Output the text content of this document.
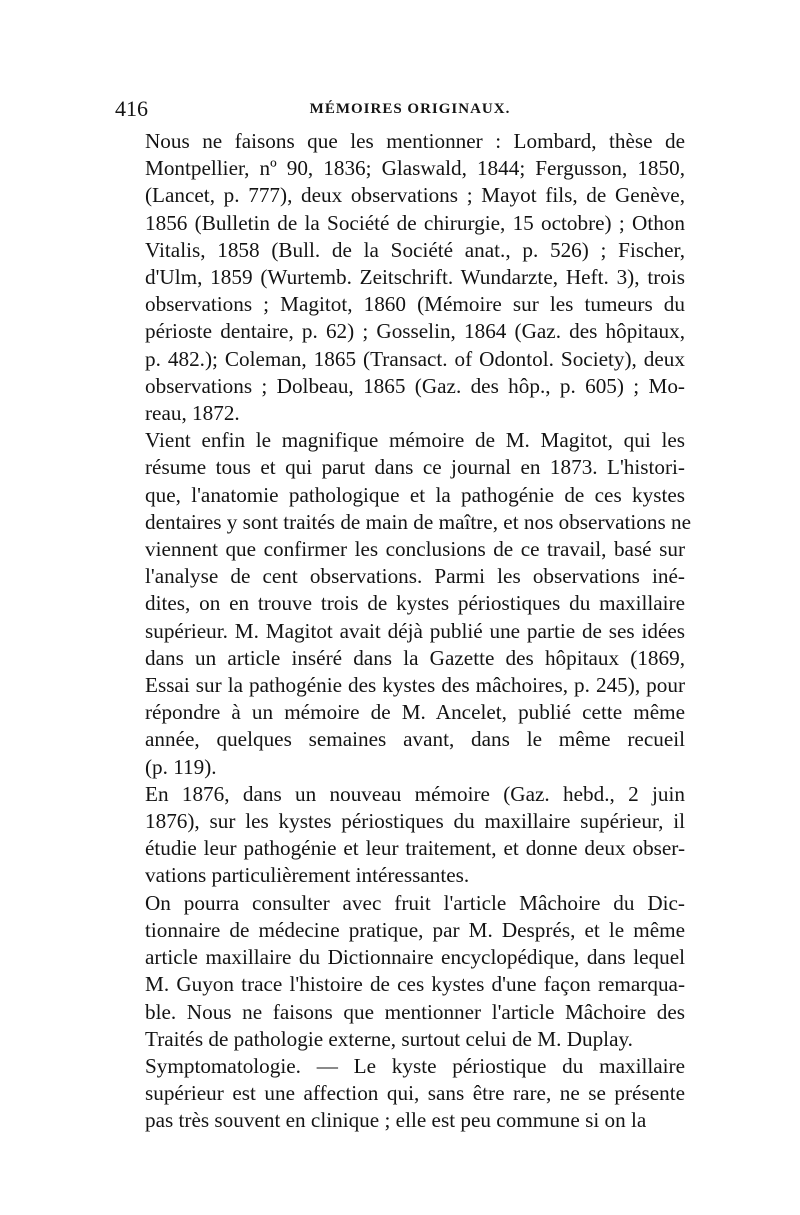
416	MÉMOIRES ORIGINAUX.

Nous ne faisons que les mentionner : Lombard, thèse de
Montpellier, nº 90, 1836; Glaswald, 1844; Fergusson, 1850,
(Lancet, p. 777), deux observations ; Mayot fils, de Genève,
1856 (Bulletin de la Société de chirurgie, 15 octobre) ; Othon
Vitalis, 1858 (Bull. de la Société anat., p. 526) ; Fischer,
d'Ulm, 1859 (Wurtemb. Zeitschrift. Wundarzte, Heft. 3), trois
observations ; Magitot, 1860 (Mémoire sur les tumeurs du
périoste dentaire, p. 62) ; Gosselin, 1864 (Gaz. des hôpitaux,
p. 482.); Coleman, 1865 (Transact. of Odontol. Society), deux
observations ; Dolbeau, 1865 (Gaz. des hôp., p. 605) ; Mo-
reau, 1872.

Vient enfin le magnifique mémoire de M. Magitot, qui les
résume tous et qui parut dans ce journal en 1873. L'histori-
que, l'anatomie pathologique et la pathogénie de ces kystes
dentaires y sont traités de main de maître, et nos observations ne
viennent que confirmer les conclusions de ce travail, basé sur
l'analyse de cent observations. Parmi les observations iné-
dites, on en trouve trois de kystes périostiques du maxillaire
supérieur. M. Magitot avait déjà publié une partie de ses idées
dans un article inséré dans la Gazette des hôpitaux (1869,
Essai sur la pathogénie des kystes des mâchoires, p. 245), pour
répondre à un mémoire de M. Ancelet, publié cette même
année, quelques semaines avant, dans le même recueil
(p. 119).

En 1876, dans un nouveau mémoire (Gaz. hebd., 2 juin
1876), sur les kystes périostiques du maxillaire supérieur, il
étudie leur pathogénie et leur traitement, et donne deux obser-
vations particulièrement intéressantes.

On pourra consulter avec fruit l'article Mâchoire du Dic-
tionnaire de médecine pratique, par M. Després, et le même
article maxillaire du Dictionnaire encyclopédique, dans lequel
M. Guyon trace l'histoire de ces kystes d'une façon remarqua-
ble. Nous ne faisons que mentionner l'article Mâchoire des
Traités de pathologie externe, surtout celui de M. Duplay.

Symptomatologie. — Le kyste périostique du maxillaire
supérieur est une affection qui, sans être rare, ne se présente
pas très souvent en clinique ; elle est peu commune si on la
